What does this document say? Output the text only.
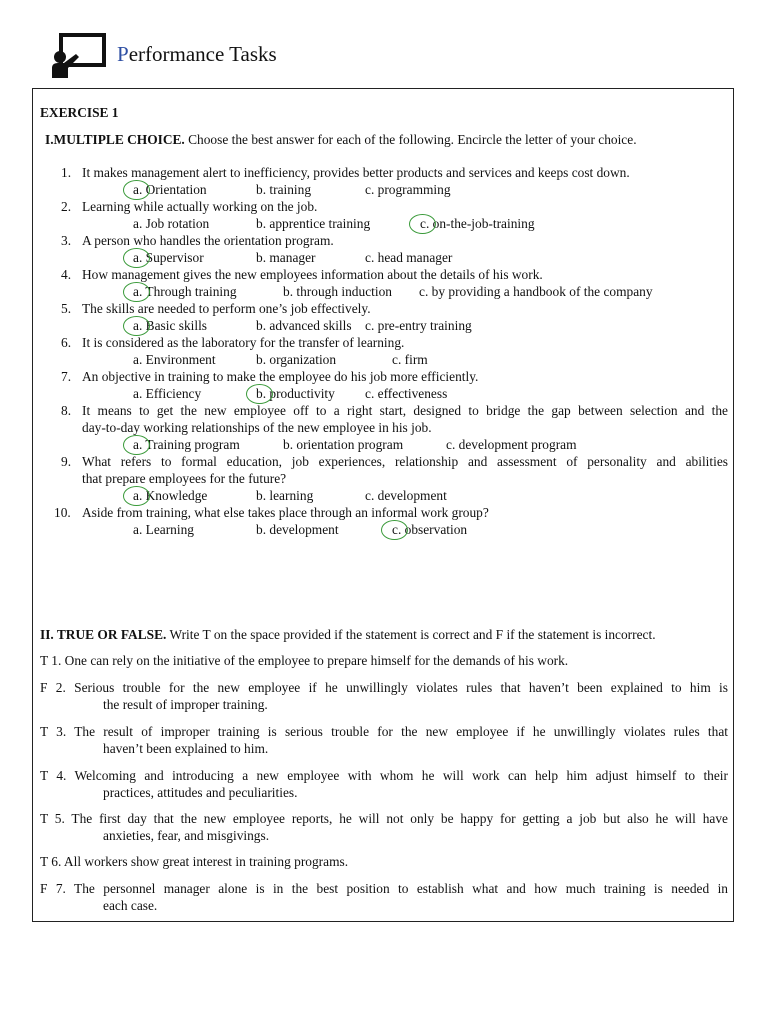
Performance Tasks
EXERCISE 1
I.MULTIPLE CHOICE. Choose the best answer for each of the following. Encircle the letter of your choice.
1. It makes management alert to inefficiency, provides better products and services and keeps cost down.
a. Orientation	b. training	c. programming
2. Learning while actually working on the job.
a. Job rotation	b. apprentice training	c. on-the-job-training
3. A person who handles the orientation program.
a. Supervisor	b. manager	c. head manager
4. How management gives the new employees information about the details of his work.
a. Through training	b. through induction c. by providing a handbook of the company
5. The skills are needed to perform one’s job effectively.
a. Basic skills	b. advanced skills c. pre-entry training
6. It is considered as the laboratory for the transfer of learning.
a. Environment	b. organization	c. firm
7. An objective in training to make the employee do his job more efficiently.
a. Efficiency	b. productivity c. effectiveness
8. It means to get the new employee off to a right start, designed to bridge the gap between selection and the
day-to-day working relationships of the new employee in his job.
a. Training program	b. orientation program	c. development program
9. What refers to formal education, job experiences, relationship and assessment of personality and abilities
that prepare employees for the future?
a. Knowledge	b. learning	c. development
10. Aside from training, what else takes place through an informal work group?
a. Learning	b. development	c. observation
II. TRUE OR FALSE. Write T on the space provided if the statement is correct and F if the statement is incorrect.
T 1. One can rely on the initiative of the employee to prepare himself for the demands of his work.
F 2. Serious trouble for the new employee if he unwillingly violates rules that haven’t been explained to him is
the result of improper training.
T 3. The result of improper training is serious trouble for the new employee if he unwillingly violates rules that
haven’t been explained to him.
T 4. Welcoming and introducing a new employee with whom he will work can help him adjust himself to their
practices, attitudes and peculiarities.
T 5. The first day that the new employee reports, he will not only be happy for getting a job but also he will have
anxieties, fear, and misgivings.
T 6. All workers show great interest in training programs.
F 7. The personnel manager alone is in the best position to establish what and how much training is needed in
each case.
